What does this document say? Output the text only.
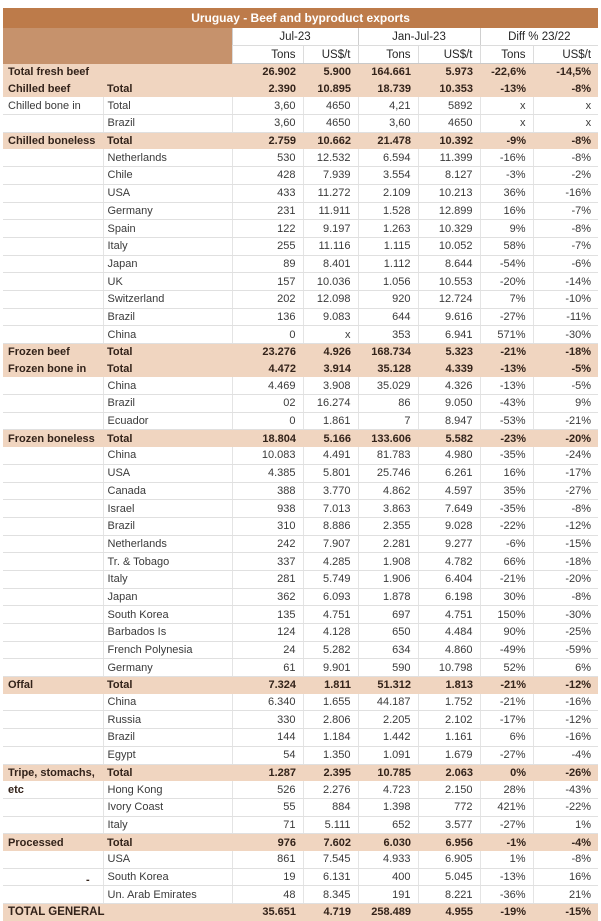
Uruguay - Beef and byproduct exports							
		Jul-23		Jan-Jul-23		Diff % 23/22	
		Tons	US$/t	Tons	US$/t	Tons	US$/t
Total fresh beef		26.902	5.900	164.661	5.973	-22,6%	-14,5%
Chilled beef	Total	2.390	10.895	18.739	10.353	-13%	-8%
Chilled bone in	Total	3,60	4650	4,21	5892	x	x
	Brazil	3,60	4650	3,60	4650	x	x
Chilled boneless	Total	2.759	10.662	21.478	10.392	-9%	-8%
	Netherlands	530	12.532	6.594	11.399	-16%	-8%
	Chile	428	7.939	3.554	8.127	-3%	-2%
	USA	433	11.272	2.109	10.213	36%	-16%
	Germany	231	11.911	1.528	12.899	16%	-7%
	Spain	122	9.197	1.263	10.329	9%	-8%
	Italy	255	11.116	1.115	10.052	58%	-7%
	Japan	89	8.401	1.112	8.644	-54%	-6%
	UK	157	10.036	1.056	10.553	-20%	-14%
	Switzerland	202	12.098	920	12.724	7%	-10%
	Brazil	136	9.083	644	9.616	-27%	-11%
	China	0	x	353	6.941	571%	-30%
Frozen beef	Total	23.276	4.926	168.734	5.323	-21%	-18%
Frozen bone in	Total	4.472	3.914	35.128	4.339	-13%	-5%
	China	4.469	3.908	35.029	4.326	-13%	-5%
	Brazil	02	16.274	86	9.050	-43%	9%
	Ecuador	0	1.861	7	8.947	-53%	-21%
Frozen boneless	Total	18.804	5.166	133.606	5.582	-23%	-20%
	China	10.083	4.491	81.783	4.980	-35%	-24%
	USA	4.385	5.801	25.746	6.261	16%	-17%
	Canada	388	3.770	4.862	4.597	35%	-27%
	Israel	938	7.013	3.863	7.649	-35%	-8%
	Brazil	310	8.886	2.355	9.028	-22%	-12%
	Netherlands	242	7.907	2.281	9.277	-6%	-15%
	Tr. & Tobago	337	4.285	1.908	4.782	66%	-18%
	Italy	281	5.749	1.906	6.404	-21%	-20%
	Japan	362	6.093	1.878	6.198	30%	-8%
	South Korea	135	4.751	697	4.751	150%	-30%
	Barbados Is	124	4.128	650	4.484	90%	-25%
	French Polynesia	24	5.282	634	4.860	-49%	-59%
	Germany	61	9.901	590	10.798	52%	6%
Offal	Total	7.324	1.811	51.312	1.813	-21%	-12%
	China	6.340	1.655	44.187	1.752	-21%	-16%
	Russia	330	2.806	2.205	2.102	-17%	-12%
	Brazil	144	1.184	1.442	1.161	6%	-16%
	Egypt	54	1.350	1.091	1.679	-27%	-4%
Tripe, stomachs,	Total	1.287	2.395	10.785	2.063	0%	-26%
etc	Hong Kong	526	2.276	4.723	2.150	28%	-43%
	Ivory Coast	55	884	1.398	772	421%	-22%
	Italy	71	5.111	652	3.577	-27%	1%
Processed	Total	976	7.602	6.030	6.956	-1%	-4%
	USA	861	7.545	4.933	6.905	1%	-8%
	South Korea	19	6.131	400	5.045	-13%	16%
	Un. Arab Emirates	48	8.345	191	8.221	-36%	21%
TOTAL GENERAL		35.651	4.719	258.489	4.955	-19%	-15%
-
